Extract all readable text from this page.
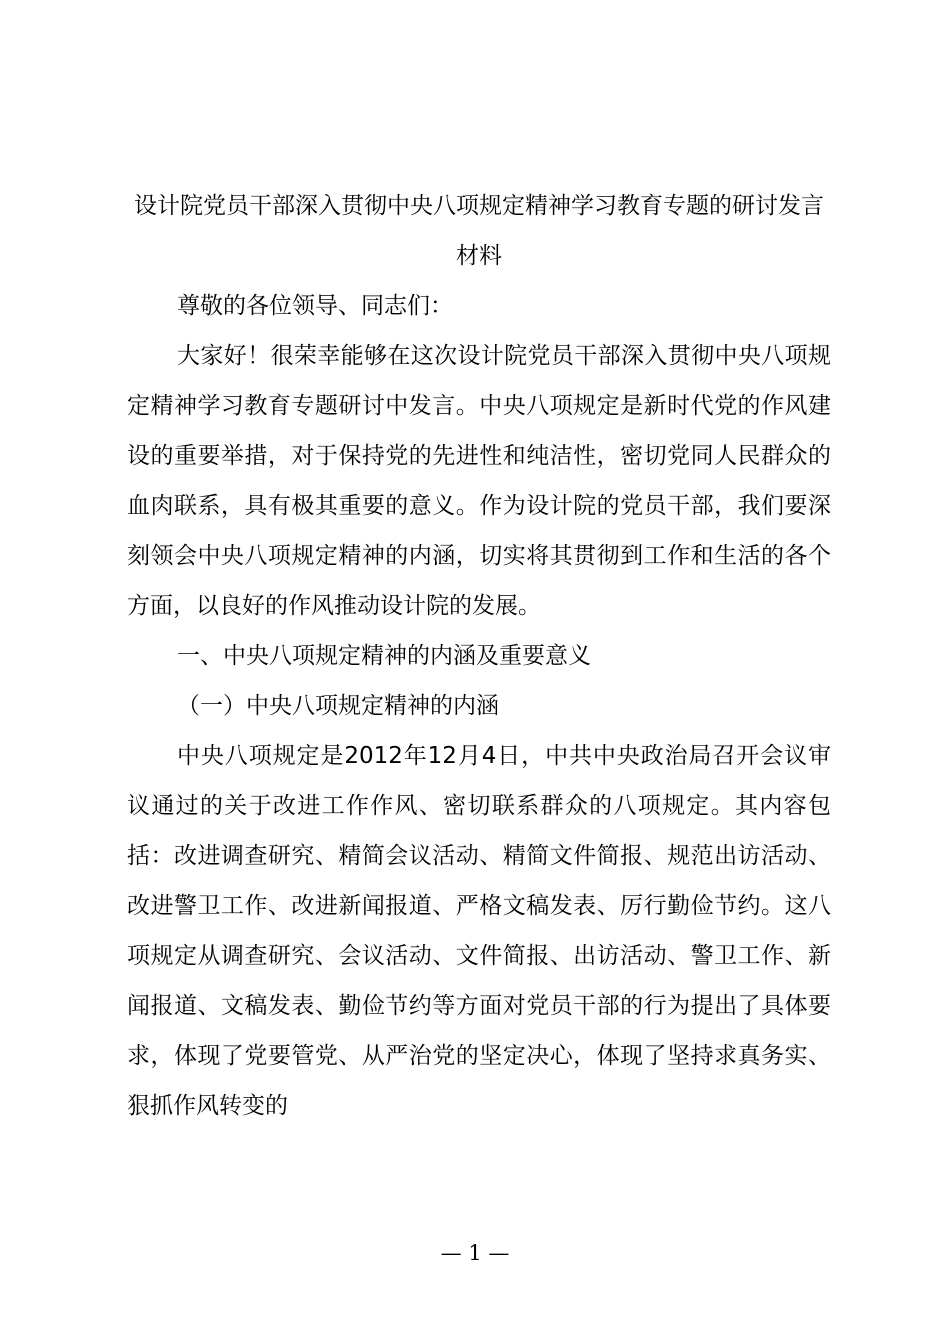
设计院党员干部深入贯彻中央八项规定精神学习教育专题的研讨发言材料

尊敬的各位领导、同志们：

大家好！很荣幸能够在这次设计院党员干部深入贯彻中央八项规定精神学习教育专题研讨中发言。中央八项规定是新时代党的作风建设的重要举措，对于保持党的先进性和纯洁性，密切党同人民群众的血肉联系，具有极其重要的意义。作为设计院的党员干部，我们要深刻领会中央八项规定精神的内涵，切实将其贯彻到工作和生活的各个方面，以良好的作风推动设计院的发展。

一、中央八项规定精神的内涵及重要意义

（一）中央八项规定精神的内涵

中央八项规定是2012年12月4日，中共中央政治局召开会议审议通过的关于改进工作作风、密切联系群众的八项规定。其内容包括：改进调查研究、精简会议活动、精简文件简报、规范出访活动、改进警卫工作、改进新闻报道、严格文稿发表、厉行勤俭节约。这八项规定从调查研究、会议活动、文件简报、出访活动、警卫工作、新闻报道、文稿发表、勤俭节约等方面对党员干部的行为提出了具体要求，体现了党要管党、从严治党的坚定决心，体现了坚持求真务实、狠抓作风转变的

— 1 —
